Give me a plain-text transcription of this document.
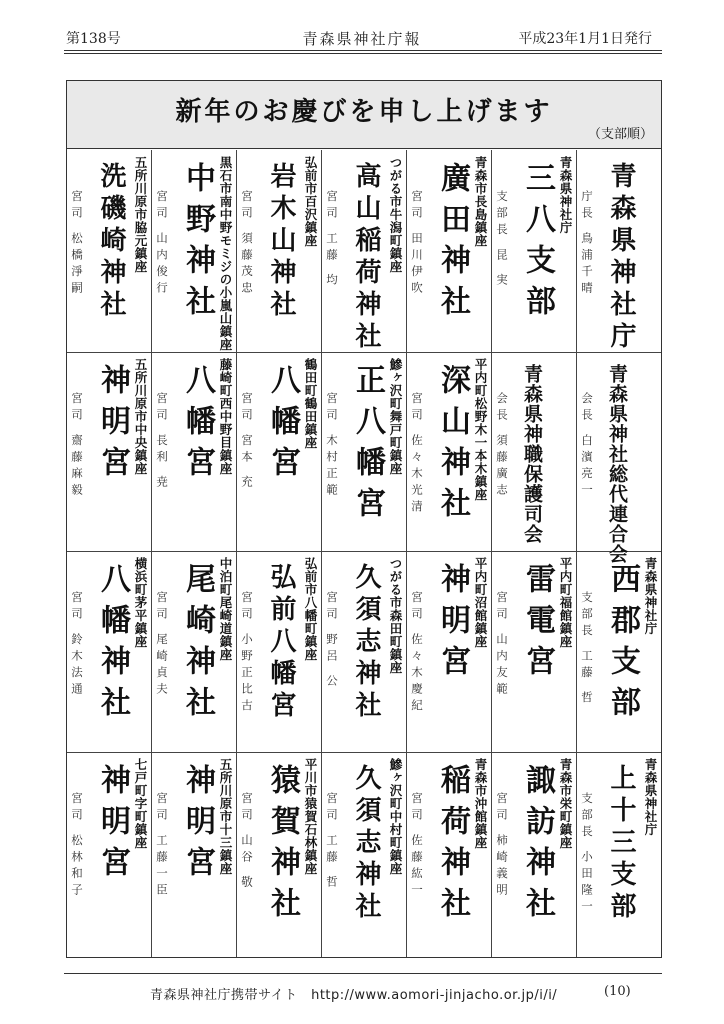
第138号	青森県神社庁報	平成23年1月1日発行
新年のお慶びを申し上げます
（支部順）
青森県神社庁
庁長 鳥浦千晴
青森県神社庁
三八支部
支部長 昆 実
青森市長島鎮座
廣田神社
宮司 田川伊吹
つがる市牛潟町鎮座
高山稲荷神社
宮司 工藤 均
弘前市百沢鎮座
岩木山神社
宮司 須藤茂忠
黒石市南中野モミジの小嵐山鎮座
中野神社
宮司 山内俊行
五所川原市脇元鎮座
洗磯崎神社
宮司 松橋淨嗣
青森県神社総代連合会
会長 白濱亮一
青森県神職保護司会
会長 須藤廣志
平内町松野木一本木鎮座
深山神社
宮司 佐々木光清
鰺ヶ沢町舞戸町鎮座
正八幡宮
宮司 木村正範
鶴田町鶴田鎮座
八幡宮
宮司 宮本 充
藤崎町西中野目鎮座
八幡宮
宮司 長利 尭
五所川原市中央鎮座
神明宮
宮司 齋藤麻毅
青森県神社庁
西郡支部
支部長 工藤 哲
平内町福館鎮座
雷電宮
宮司 山内友範
平内町沼館鎮座
神明宮
宮司 佐々木慶紀
つがる市森田町鎮座
久須志神社
宮司 野呂 公
弘前市八幡町鎮座
弘前八幡宮
宮司 小野正比古
中泊町尾崎道鎮座
尾崎神社
宮司 尾崎貞夫
横浜町茅平鎮座
八幡神社
宮司 鈴木法通
青森県神社庁
上十三支部
支部長 小田隆一
青森市栄町鎮座
諏訪神社
宮司 柿崎義明
青森市沖館鎮座
稲荷神社
宮司 佐藤紘一
鰺ヶ沢町中村町鎮座
久須志神社
宮司 工藤 哲
平川市猿賀石林鎮座
猿賀神社
宮司 山谷 敬
五所川原市十三鎮座
神明宮
宮司 工藤一臣
七戸町字町鎮座
神明宮
宮司 松林和子
青森県神社庁携帯サイト　http://www.aomori-jinjacho.or.jp/i/i/	(10)
